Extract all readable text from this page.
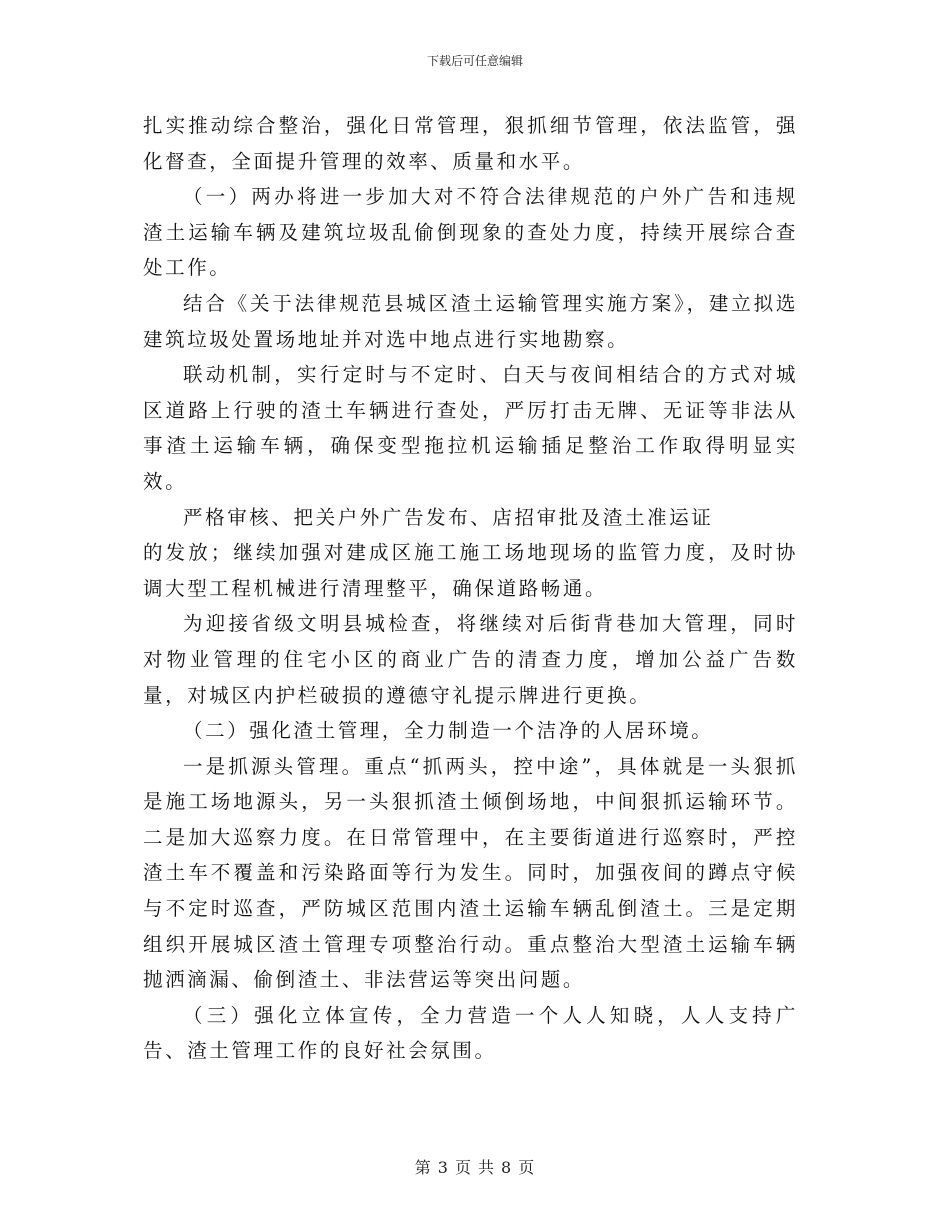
下载后可任意编辑

扎实推动综合整治，强化日常管理，狠抓细节管理，依法监管，强化督查，全面提升管理的效率、质量和水平。

（一）两办将进一步加大对不符合法律规范的户外广告和违规渣土运输车辆及建筑垃圾乱偷倒现象的查处力度，持续开展综合查处工作。

结合《关于法律规范县城区渣土运输管理实施方案》，建立拟选建筑垃圾处置场地址并对选中地点进行实地勘察。

联动机制，实行定时与不定时、白天与夜间相结合的方式对城区道路上行驶的渣土车辆进行查处，严厉打击无牌、无证等非法从事渣土运输车辆，确保变型拖拉机运输插足整治工作取得明显实效。

严格审核、把关户外广告发布、店招审批及渣土准运证

的发放；继续加强对建成区施工施工场地现场的监管力度，及时协调大型工程机械进行清理整平，确保道路畅通。

为迎接省级文明县城检查，将继续对后街背巷加大管理，同时对物业管理的住宅小区的商业广告的清查力度，增加公益广告数量，对城区内护栏破损的遵德守礼提示牌进行更换。

（二）强化渣土管理，全力制造一个洁净的人居环境。

一是抓源头管理。重点“抓两头，控中途”，具体就是一头狠抓是施工场地源头，另一头狠抓渣土倾倒场地，中间狠抓运输环节。二是加大巡察力度。在日常管理中，在主要街道进行巡察时，严控渣土车不覆盖和污染路面等行为发生。同时，加强夜间的蹲点守候与不定时巡查，严防城区范围内渣土运输车辆乱倒渣土。三是定期组织开展城区渣土管理专项整治行动。重点整治大型渣土运输车辆抛洒滴漏、偷倒渣土、非法营运等突出问题。

（三）强化立体宣传，全力营造一个人人知晓，人人支持广告、渣土管理工作的良好社会氛围。

第 3 页 共 8 页
